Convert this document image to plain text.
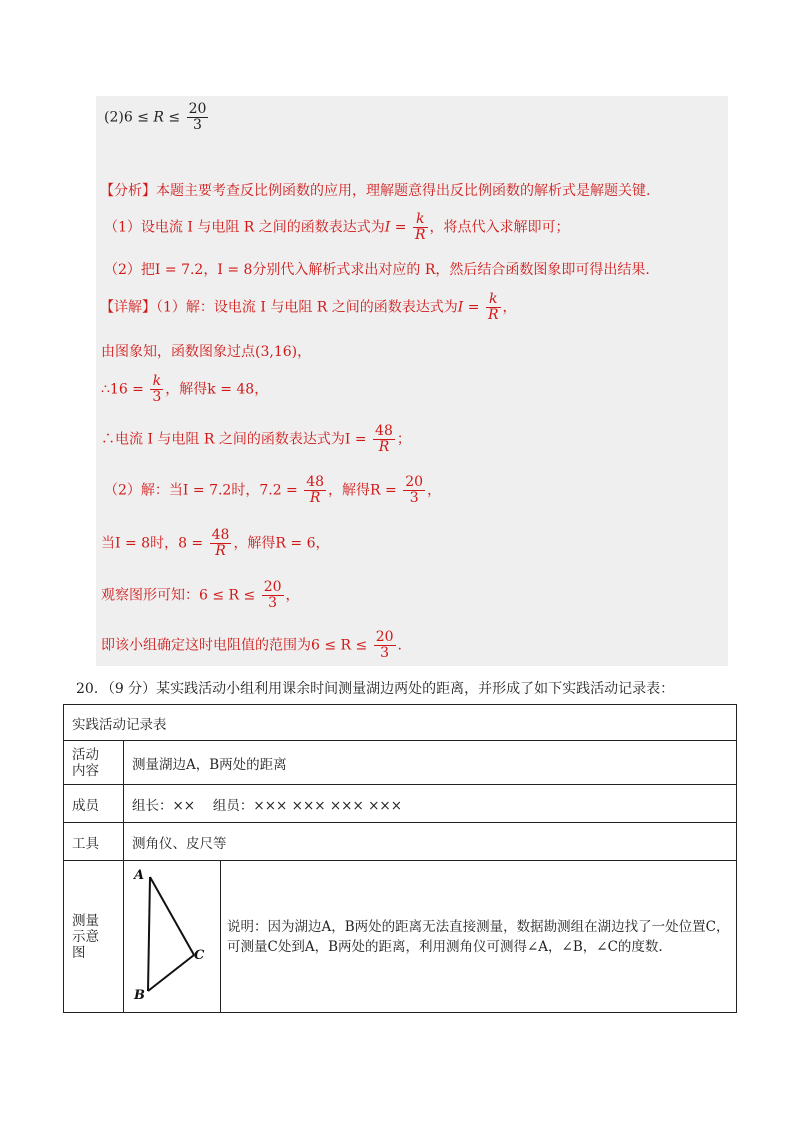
$(2)6 \le R \le \frac{20}{3}$
【分析】本题主要考查反比例函数的应用，理解题意得出反比例函数的解析式是解题关键.
（1）设电流 I 与电阻 R 之间的函数表达式为$I = \frac{k}{R}$ ，将点代入求解即可；
（2）把I = 7.2，I = 8分别代入解析式求出对应的 R，然后结合函数图象即可得出结果.
【详解】（1）解：设电流 I 与电阻 R 之间的函数表达式为$I = \frac{k}{R}$ ，
由图象知，函数图象过点(3,16)，
∴16 = $\frac{k}{3}$ ，解得k = 48，
∴电流 I 与电阻 R 之间的函数表达式为$I = \frac{48}{R}$ ；
（2）解：当I = 7.2时，$7.2 = \frac{48}{R}$ ，解得$R = \frac{20}{3}$ ，
当I = 8时，$8 = \frac{48}{R}$ ，解得R = 6，
观察图形可知：$6 \le R \le \frac{20}{3}$ ，
即该小组确定这时电阻值的范围为$6 \le R \le \frac{20}{3}$ .
20．（9 分）某实践活动小组利用课余时间测量湖边两处的距离，并形成了如下实践活动记录表：
实践活动记录表		
活动
内容	测量湖边A，B两处的距离	
成员	组长：××　 组员：××× ××× ××× ×××	
工具	测角仪、皮尺等	
测量
示意
图	A
C
B	说明：因为湖边A，B两处的距离无法直接测量，数据勘测组在湖边找了一处位置C，可测量C处到A，B两处的距离，利用测角仪可测得∠A，∠B，∠C的度数.
